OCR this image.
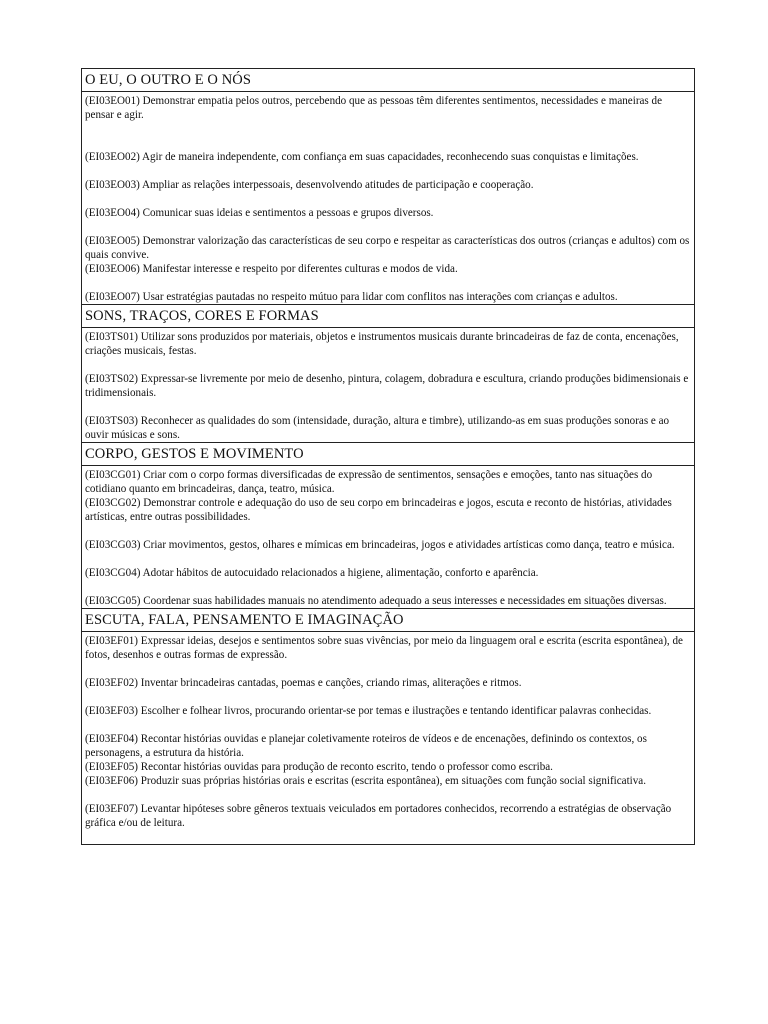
O EU, O OUTRO E O NÓS

(EI03EO01) Demonstrar empatia pelos outros, percebendo que as pessoas têm diferentes sentimentos, necessidades e maneiras de pensar e agir.

(EI03EO02) Agir de maneira independente, com confiança em suas capacidades, reconhecendo suas conquistas e limitações.

(EI03EO03) Ampliar as relações interpessoais, desenvolvendo atitudes de participação e cooperação.

(EI03EO04) Comunicar suas ideias e sentimentos a pessoas e grupos diversos.

(EI03EO05) Demonstrar valorização das características de seu corpo e respeitar as características dos outros (crianças e adultos) com os quais convive.

(EI03EO06) Manifestar interesse e respeito por diferentes culturas e modos de vida.

(EI03EO07) Usar estratégias pautadas no respeito mútuo para lidar com conflitos nas interações com crianças e adultos.

SONS, TRAÇOS, CORES E FORMAS

(EI03TS01) Utilizar sons produzidos por materiais, objetos e instrumentos musicais durante brincadeiras de faz de conta, encenações, criações musicais, festas.

(EI03TS02) Expressar-se livremente por meio de desenho, pintura, colagem, dobradura e escultura, criando produções bidimensionais e tridimensionais.

(EI03TS03) Reconhecer as qualidades do som (intensidade, duração, altura e timbre), utilizando-as em suas produções sonoras e ao ouvir músicas e sons.

CORPO, GESTOS E MOVIMENTO

(EI03CG01) Criar com o corpo formas diversificadas de expressão de sentimentos, sensações e emoções, tanto nas situações do cotidiano quanto em brincadeiras, dança, teatro, música.

(EI03CG02) Demonstrar controle e adequação do uso de seu corpo em brincadeiras e jogos, escuta e reconto de histórias, atividades artísticas, entre outras possibilidades.

(EI03CG03) Criar movimentos, gestos, olhares e mímicas em brincadeiras, jogos e atividades artísticas como dança, teatro e música.

(EI03CG04) Adotar hábitos de autocuidado relacionados a higiene, alimentação, conforto e aparência.

(EI03CG05) Coordenar suas habilidades manuais no atendimento adequado a seus interesses e necessidades em situações diversas.

ESCUTA, FALA, PENSAMENTO E IMAGINAÇÃO

(EI03EF01) Expressar ideias, desejos e sentimentos sobre suas vivências, por meio da linguagem oral e escrita (escrita espontânea), de fotos, desenhos e outras formas de expressão.

(EI03EF02) Inventar brincadeiras cantadas, poemas e canções, criando rimas, aliterações e ritmos.

(EI03EF03) Escolher e folhear livros, procurando orientar-se por temas e ilustrações e tentando identificar palavras conhecidas.

(EI03EF04) Recontar histórias ouvidas e planejar coletivamente roteiros de vídeos e de encenações, definindo os contextos, os personagens, a estrutura da história.

(EI03EF05) Recontar histórias ouvidas para produção de reconto escrito, tendo o professor como escriba.

(EI03EF06) Produzir suas próprias histórias orais e escritas (escrita espontânea), em situações com função social significativa.

(EI03EF07) Levantar hipóteses sobre gêneros textuais veiculados em portadores conhecidos, recorrendo a estratégias de observação gráfica e/ou de leitura.
